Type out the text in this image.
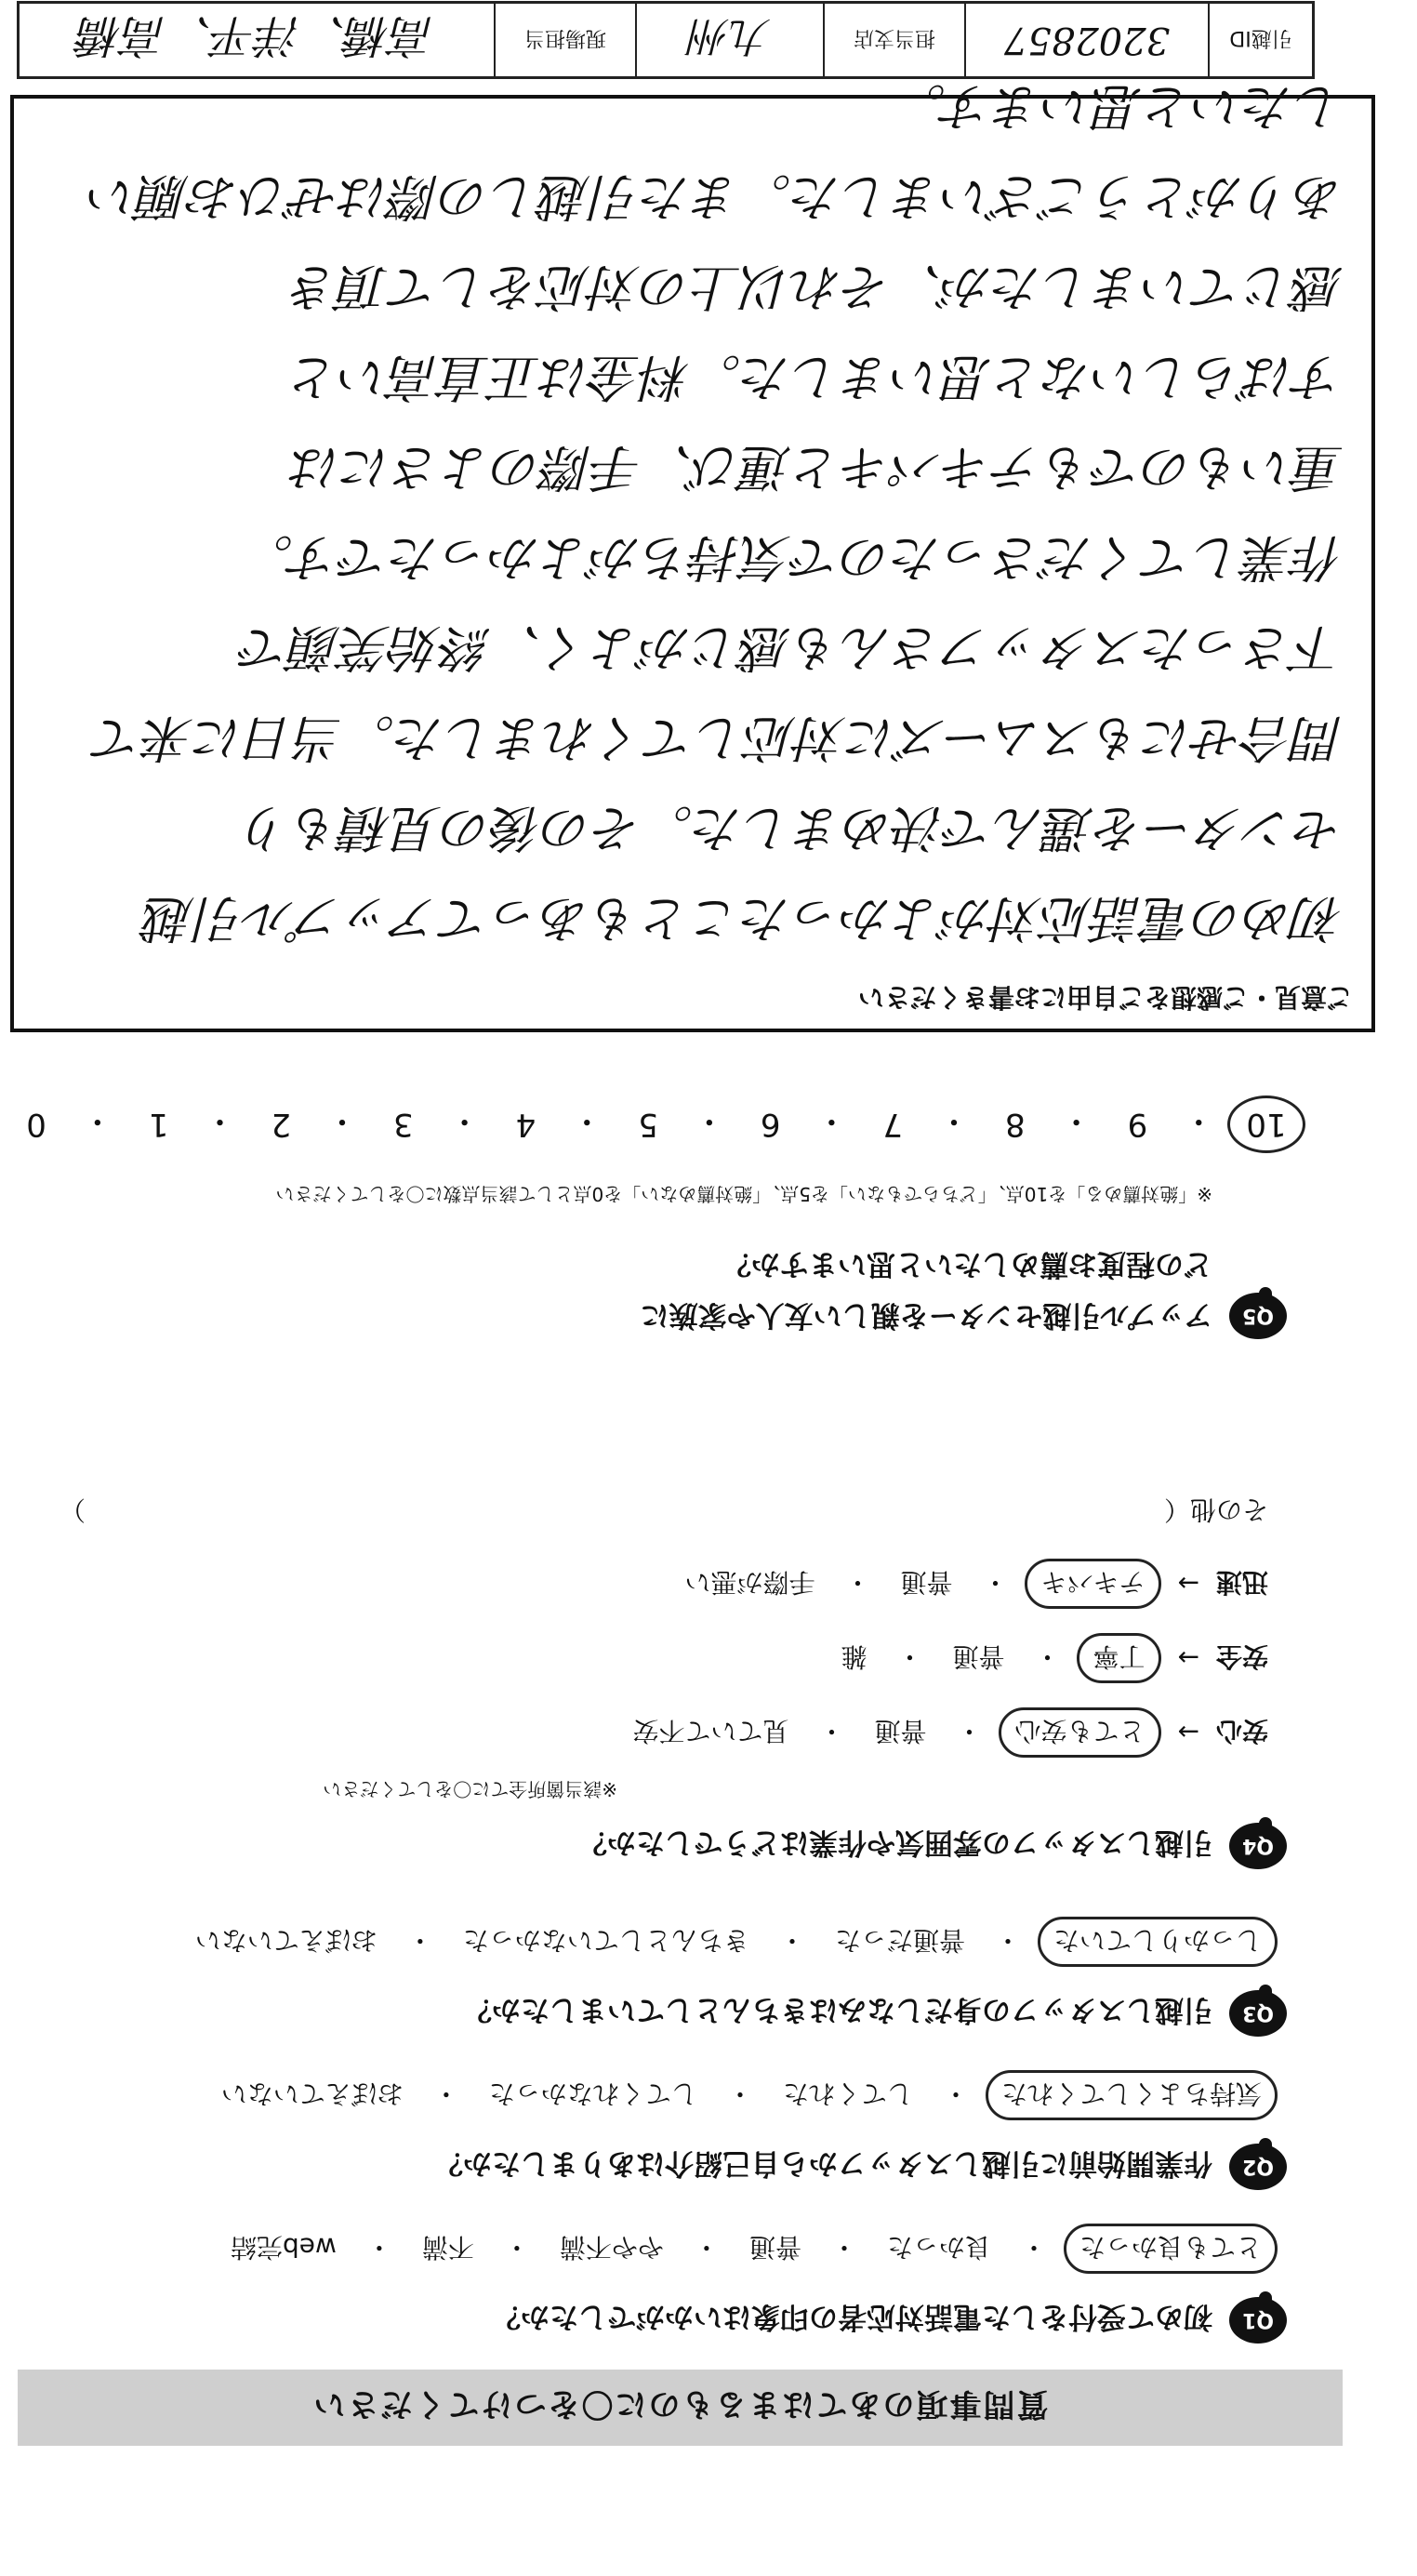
引越ID
3202857
担当支店
九州
現場担当
高橋、洋平、高橋
質問事項のあてはまるものに〇をつけてください
Q1
初めて受付をした電話対応者の印象はいかがでしたか？
とても良かった
・
良かった
・
普通
・
やや不満
・
不満
・
web完結
Q2
作業開始前に引越しスタッフから自己紹介はありましたか？
気持ちよくしてくれた
・
してくれた
・
してくれなかった
・
おぼえていない
Q3
引越しスタッフの身だしなみはきちんとしていましたか？
しっかりしていた
・
普通だった
・
きちんとしていなかった
・
おぼえていない
Q4
引越しスタッフの雰囲気や作業はどうでしたか？
※該当箇所全てに〇をしてください
安心
→
とても安心
・
普通
・
見ていて不安
安全
→
丁寧
・
普通
・
雑
迅速
→
テキパキ
・
普通
・
手際が悪い
その他（
）
Q5
アップル引越センターを親しい友人や家族に
どの程度お薦めしたいと思いますか？
※「絶対薦める」を10点、「どちらでもない」を5点、「絶対薦めない」を0点として該当点数に〇をしてください
10
・
9
・
8
・
7
・
6
・
5
・
4
・
3
・
2
・
1
・
0
ご意見・ご感想をご自由にお書きください
初めの電話応対がよかったこともあってアップル引越
センターを選んで決めました。その後の見積もり
問合せにもスムーズに対応してくれました。当日に来て
下さったスタッフさんも感じがよく、終始笑顔で
作業してくださったので気持ちがよかったです。
重いものでもテキパキと運び、手際のよさには
すばらしいなと思いました。料金は正直高いと
感じていましたが、それ以上の対応をして頂き
ありがとうございました。また引越しの際はぜひお願い
したいと思います。
